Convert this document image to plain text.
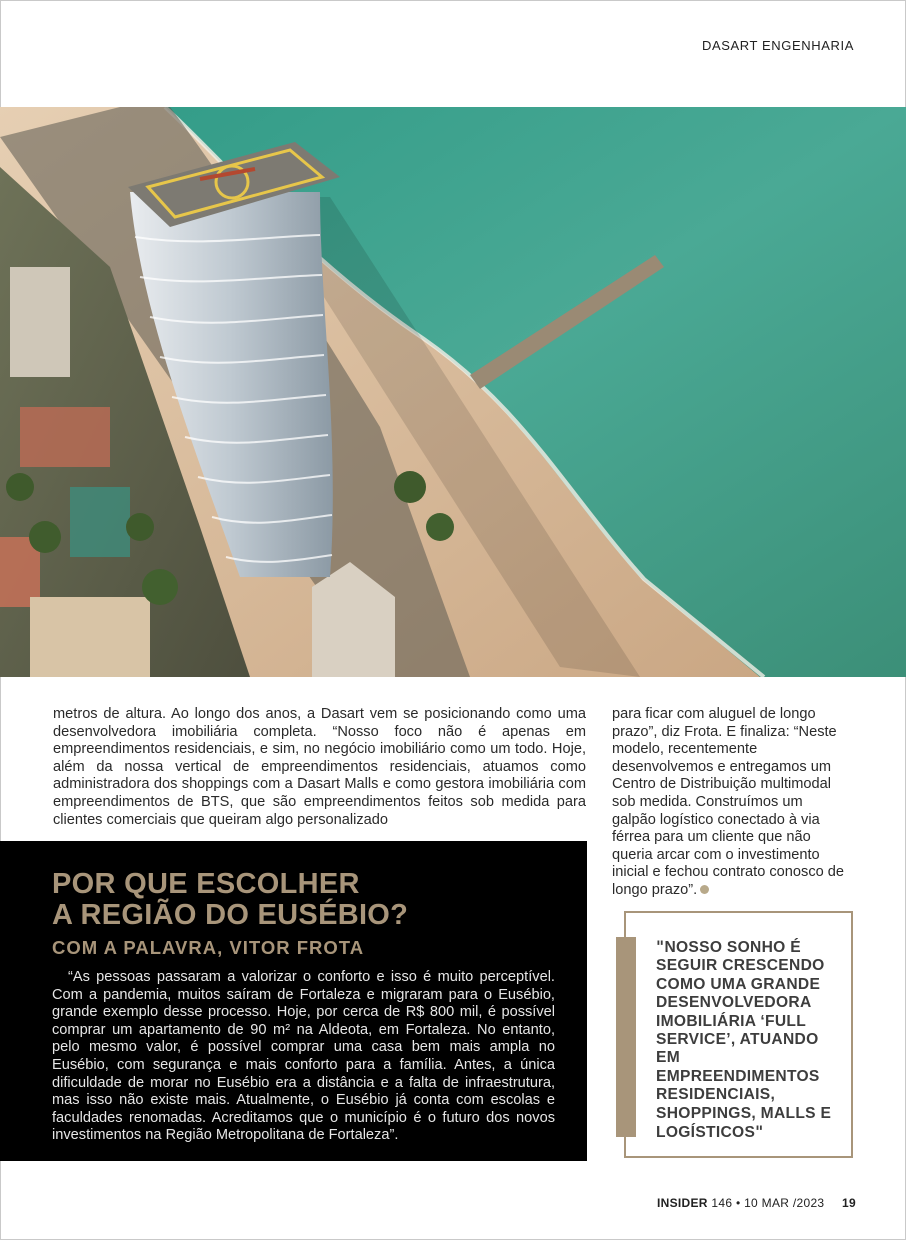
DASART ENGENHARIA
metros de altura. Ao longo dos anos, a Dasart vem se posicionando como uma desenvolvedora imobiliária completa. “Nosso foco não é apenas em empreendimentos residenciais, e sim, no negócio imobiliário como um todo. Hoje, além da nossa vertical de empreendimentos residenciais, atuamos como administradora dos shoppings com a Dasart Malls e como gestora imobiliária com empreendimentos de BTS, que são empreendimentos feitos sob medida para clientes comerciais que queiram algo personalizado
para ficar com aluguel de longo prazo”, diz Frota. E finaliza: “Neste modelo, recentemente desenvolvemos e entregamos um Centro de Distribuição multimodal sob medida. Construímos um galpão logístico conectado à via férrea para um cliente que não queria arcar com o investimento inicial e fechou contrato conosco de longo prazo”.
POR QUE ESCOLHER
A REGIÃO DO EUSÉBIO?
COM A PALAVRA, VITOR FROTA

“As pessoas passaram a valorizar o conforto e isso é muito perceptível. Com a pandemia, muitos saíram de Fortaleza e migraram para o Eusébio, grande exemplo desse processo. Hoje, por cerca de R$ 800 mil, é possível comprar um apartamento de 90 m² na Aldeota, em Fortaleza. No entanto, pelo mesmo valor, é possível comprar uma casa bem mais ampla no Eusébio, com segurança e mais conforto para a família. Antes, a única dificuldade de morar no Eusébio era a distância e a falta de infraestrutura, mas isso não existe mais. Atualmente, o Eusébio já conta com escolas e faculdades renomadas. Acreditamos que o município é o futuro dos novos investimentos na Região Metropolitana de Fortaleza”.

"NOSSO SONHO É SEGUIR CRESCENDO COMO UMA GRANDE DESENVOLVEDORA IMOBILIÁRIA ‘FULL SERVICE’, ATUANDO EM EMPREENDIMENTOS RESIDENCIAIS, SHOPPINGS, MALLS E LOGÍSTICOS"
INSIDER 146 • 10 MAR /2023 19
